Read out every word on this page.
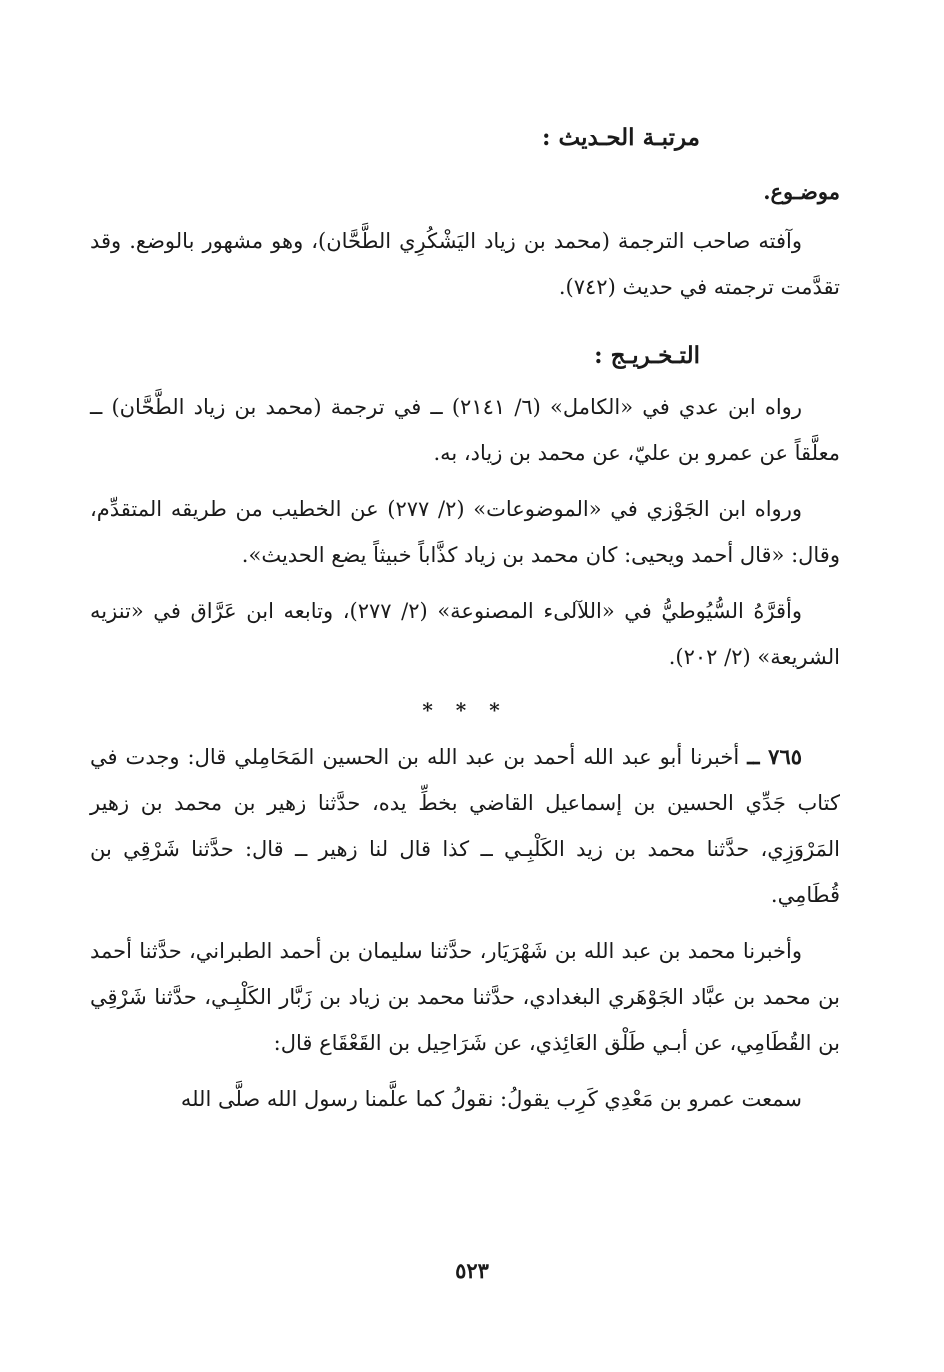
مرتبـة الحـديث :

موضـوع.

وآفته صاحب الترجمة (محمد بن زياد اليَشْكُرِي الطَّحَّان)، وهو مشهور بالوضع. وقد تقدَّمت ترجمته في حديث (٧٤٢).

التـخـريـج :

رواه ابن عدي في «الكامل» (٦/ ٢١٤١) ــ في ترجمة (محمد بن زياد الطَّحَّان) ــ معلَّقاً عن عمرو بن عليّ، عن محمد بن زياد، به.

ورواه ابن الجَوْزي في «الموضوعات» (٢/ ٢٧٧) عن الخطيب من طريقه المتقدِّم، وقال: «قال أحمد ويحيى: كان محمد بن زياد كذَّاباً خبيثاً يضع الحديث».

وأقرَّهُ السُّيُوطيُّ في «اللآلىء المصنوعة» (٢/ ٢٧٧)، وتابعه ابن عَرَّاق في «تنزيه الشريعة» (٢/ ٢٠٢).

* * *

٧٦٥ ــ أخبرنا أبو عبد الله أحمد بن عبد الله بن الحسين المَحَامِلي قال: وجدت في كتاب جَدِّي الحسين بن إسماعيل القاضي بخطِّ يده، حدَّثنا زهير بن محمد بن زهير المَرْوَزِي، حدَّثنا محمد بن زيد الكَلْبِـي ــ كذا قال لنا زهير ــ قال: حدَّثنا شَرْقِي بن قُطَامِي.

وأخبرنا محمد بن عبد الله بن شَهْرَيَار، حدَّثنا سليمان بن أحمد الطبراني، حدَّثنا أحمد بن محمد بن عبَّاد الجَوْهَري البغدادي، حدَّثنا محمد بن زياد بن زَبَّار الكَلْبِـي، حدَّثنا شَرْقِي بن القُطَامِي، عن أبـي طَلْق العَائِذي، عن شَرَاحِيل بن القَعْقَاع قال:

سمعت عمرو بن مَعْدِي كَرِب يقولُ: نقولُ كما علَّمنا رسول الله صلَّى الله

٥٢٣
